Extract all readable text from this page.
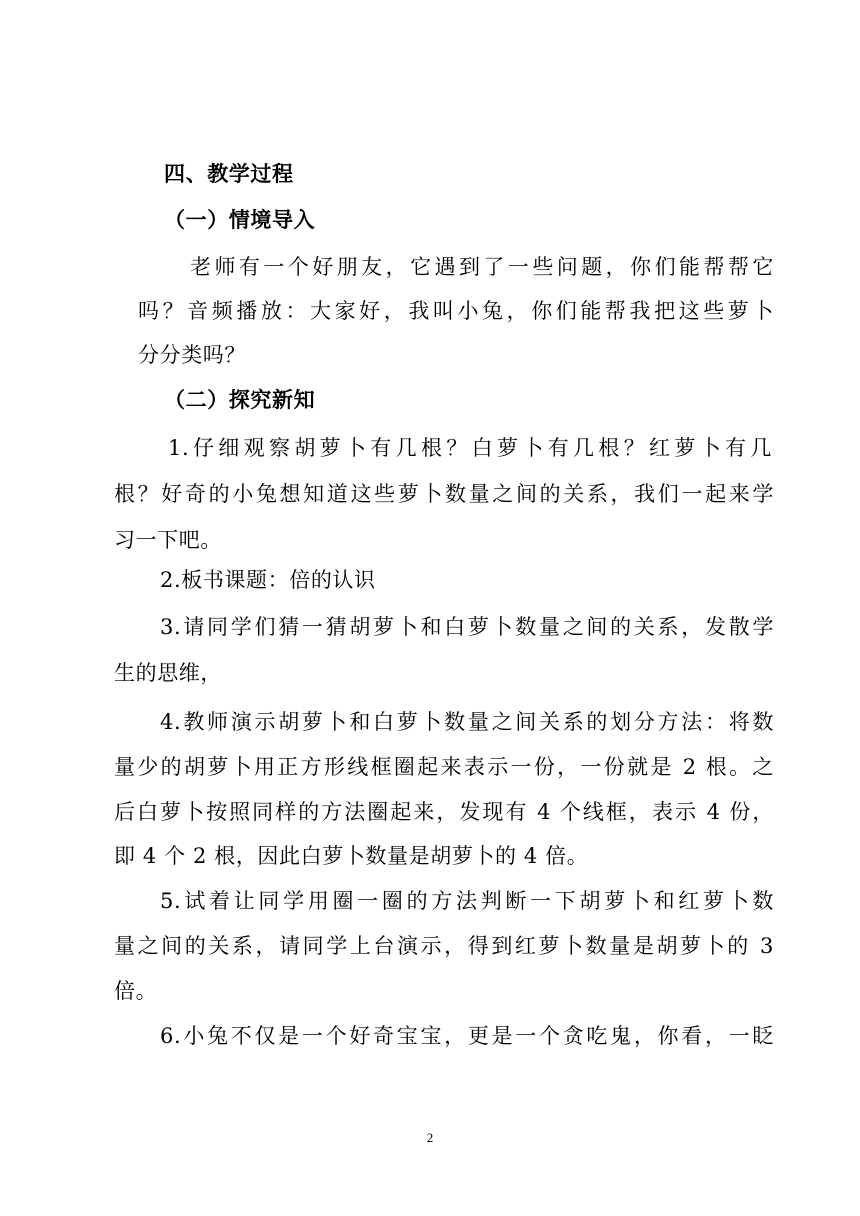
四、教学过程
（一）情境导入
老师有一个好朋友，它遇到了一些问题，你们能帮帮它
吗？音频播放：大家好，我叫小兔，你们能帮我把这些萝卜
分分类吗？
（二）探究新知
1.仔细观察胡萝卜有几根？白萝卜有几根？红萝卜有几
根？好奇的小兔想知道这些萝卜数量之间的关系，我们一起来学
习一下吧。
2.板书课题：倍的认识
3.请同学们猜一猜胡萝卜和白萝卜数量之间的关系，发散学
生的思维，
4.教师演示胡萝卜和白萝卜数量之间关系的划分方法：将数
量少的胡萝卜用正方形线框圈起来表示一份，一份就是 2 根。之
后白萝卜按照同样的方法圈起来，发现有 4 个线框，表示 4 份，
即 4 个 2 根，因此白萝卜数量是胡萝卜的 4 倍。
5.试着让同学用圈一圈的方法判断一下胡萝卜和红萝卜数
量之间的关系，请同学上台演示，得到红萝卜数量是胡萝卜的 3
倍。
6.小兔不仅是一个好奇宝宝，更是一个贪吃鬼，你看，一眨
2
